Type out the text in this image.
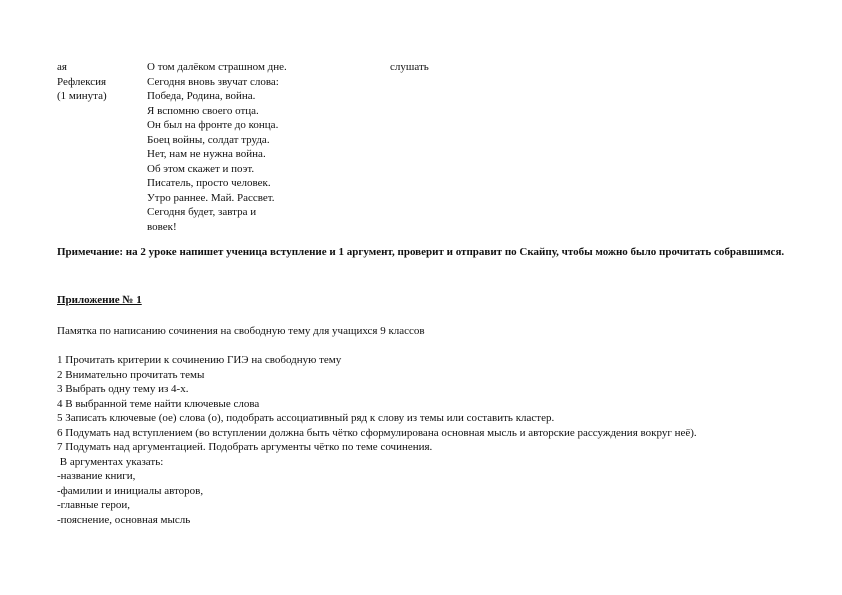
ая
Рефлексия
(1 минута)
О том далёком страшном дне.
Сегодня вновь звучат слова:
Победа, Родина, война.
Я вспомню своего отца.
Он был на фронте до конца.
Боец войны, солдат труда.
Нет, нам не нужна война.
Об этом скажет и поэт.
Писатель, просто человек.
Утро раннее. Май. Рассвет.
Сегодня будет, завтра и
вовек!
слушать
Примечание: на 2 уроке напишет ученица вступление и 1 аргумент, проверит и отправит по Скайпу, чтобы можно было прочитать собравшимся.
Приложение № 1
Памятка по написанию сочинения на свободную тему для учащихся 9 классов
1 Прочитать критерии к сочинению ГИЭ на свободную тему
2 Внимательно прочитать темы
3 Выбрать одну тему из 4-х.
4 В выбранной теме найти ключевые слова
5 Записать ключевые (ое) слова (о), подобрать ассоциативный ряд к слову из темы или составить кластер.
6 Подумать над вступлением (во вступлении должна быть чётко сформулирована основная мысль и авторские рассуждения вокруг неё).
7 Подумать над аргументацией. Подобрать аргументы чётко по теме сочинения.
В аргументах указать:
-название книги,
-фамилии и инициалы авторов,
-главные герои,
-пояснение, основная мысль
